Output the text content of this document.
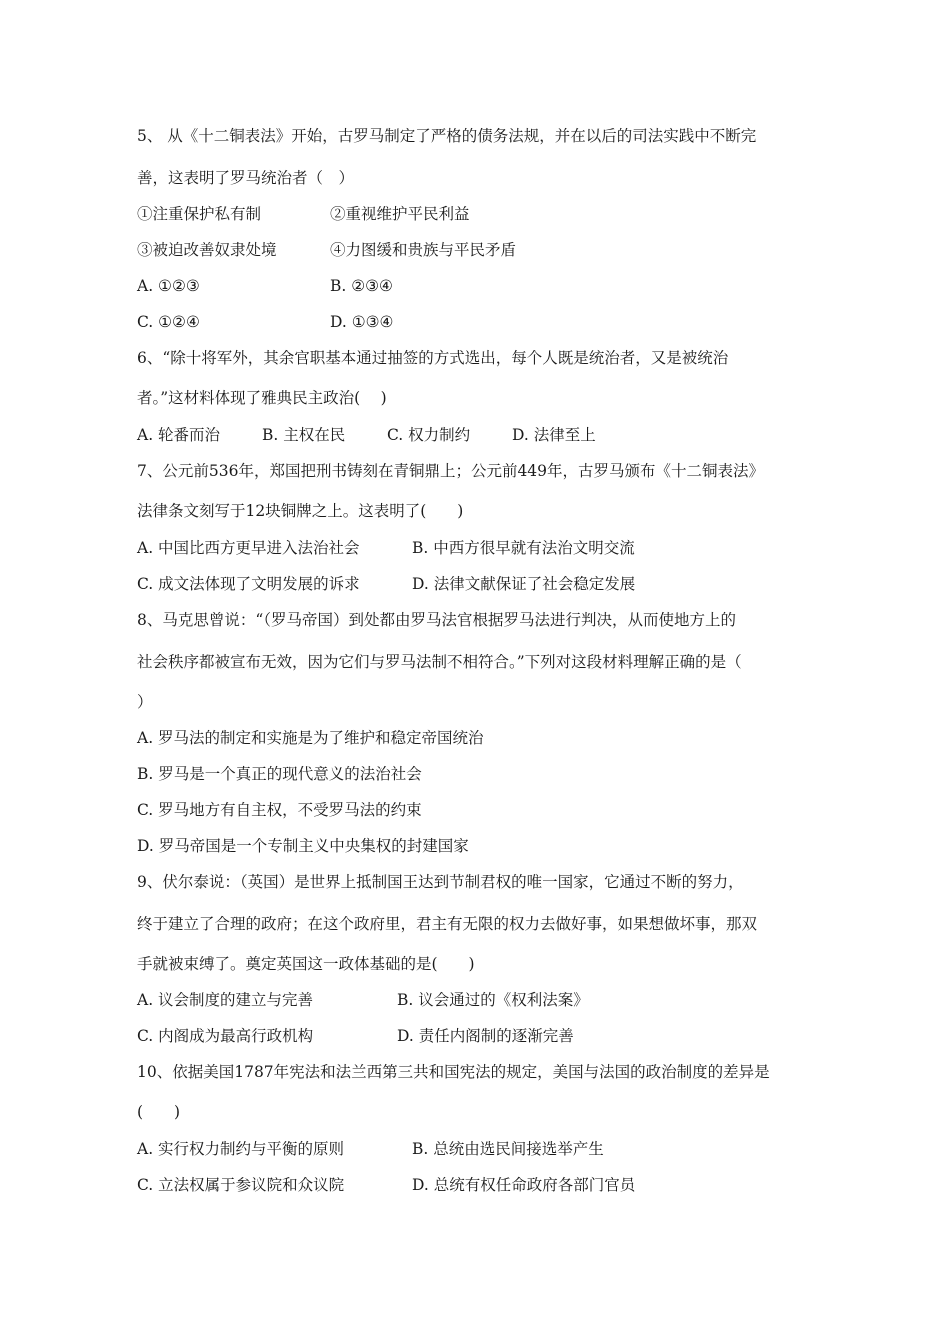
5、 从《十二铜表法》开始，古罗马制定了严格的债务法规，并在以后的司法实践中不断完
善，这表明了罗马统治者（　）
①注重保护私有制	②重视维护平民利益
③被迫改善奴隶处境	④力图缓和贵族与平民矛盾
A. ①②③	B. ②③④
C. ①②④	D. ①③④
6、“除十将军外，其余官职基本通过抽签的方式选出，每个人既是统治者，又是被统治
者。”这材料体现了雅典民主政治(　 )
A. 轮番而治	B. 主权在民	C. 权力制约	D. 法律至上
7、公元前536年，郑国把刑书铸刻在青铜鼎上；公元前449年，古罗马颁布《十二铜表法》
法律条文刻写于12块铜牌之上。这表明了(　　)
A. 中国比西方更早进入法治社会	B. 中西方很早就有法治文明交流
C. 成文法体现了文明发展的诉求	D. 法律文献保证了社会稳定发展
8、马克思曾说：“（罗马帝国）到处都由罗马法官根据罗马法进行判决，从而使地方上的
社会秩序都被宣布无效，因为它们与罗马法制不相符合。”下列对这段材料理解正确的是（
）
A. 罗马法的制定和实施是为了维护和稳定帝国统治
B. 罗马是一个真正的现代意义的法治社会
C. 罗马地方有自主权，不受罗马法的约束
D. 罗马帝国是一个专制主义中央集权的封建国家
9、伏尔泰说：（英国）是世界上抵制国王达到节制君权的唯一国家，它通过不断的努力，
终于建立了合理的政府；在这个政府里，君主有无限的权力去做好事，如果想做坏事，那双
手就被束缚了。奠定英国这一政体基础的是(　　)
A. 议会制度的建立与完善	B. 议会通过的《权利法案》
C. 内阁成为最高行政机构	D. 责任内阁制的逐渐完善
10、依据美国1787年宪法和法兰西第三共和国宪法的规定，美国与法国的政治制度的差异是
(　　)
A. 实行权力制约与平衡的原则	B. 总统由选民间接选举产生
C. 立法权属于参议院和众议院	D. 总统有权任命政府各部门官员
